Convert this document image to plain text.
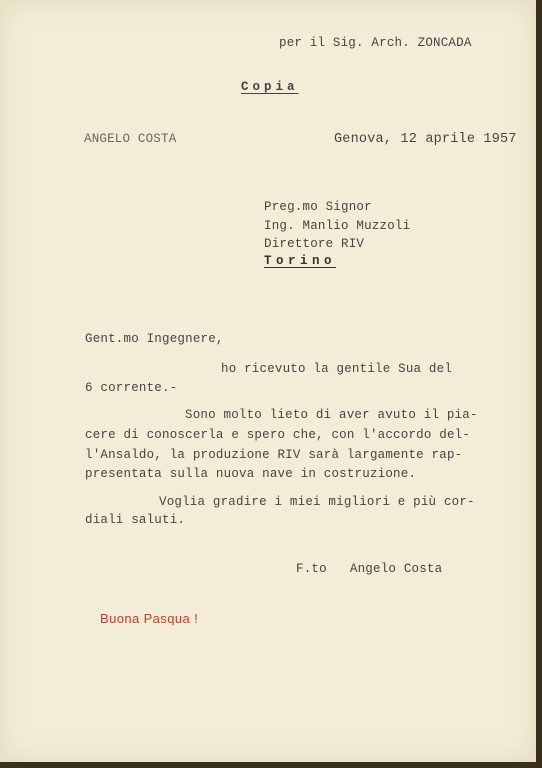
per il Sig. Arch. ZONCADA
Copia
ANGELO COSTA	Genova, 12 aprile 1957
Preg.mo Signor
Ing. Manlio Muzzoli
Direttore RIV
Torino
Gent.mo Ingegnere,
ho ricevuto la gentile Sua del
6 corrente.-
Sono molto lieto di aver avuto il pia-
cere di conoscerla e spero che, con l'accordo del-
l'Ansaldo, la produzione RIV sarà largamente rap-
presentata sulla nuova nave in costruzione.
Voglia gradire i miei migliori e più cor-
diali saluti.
F.to   Angelo Costa
Buona Pasqua !
